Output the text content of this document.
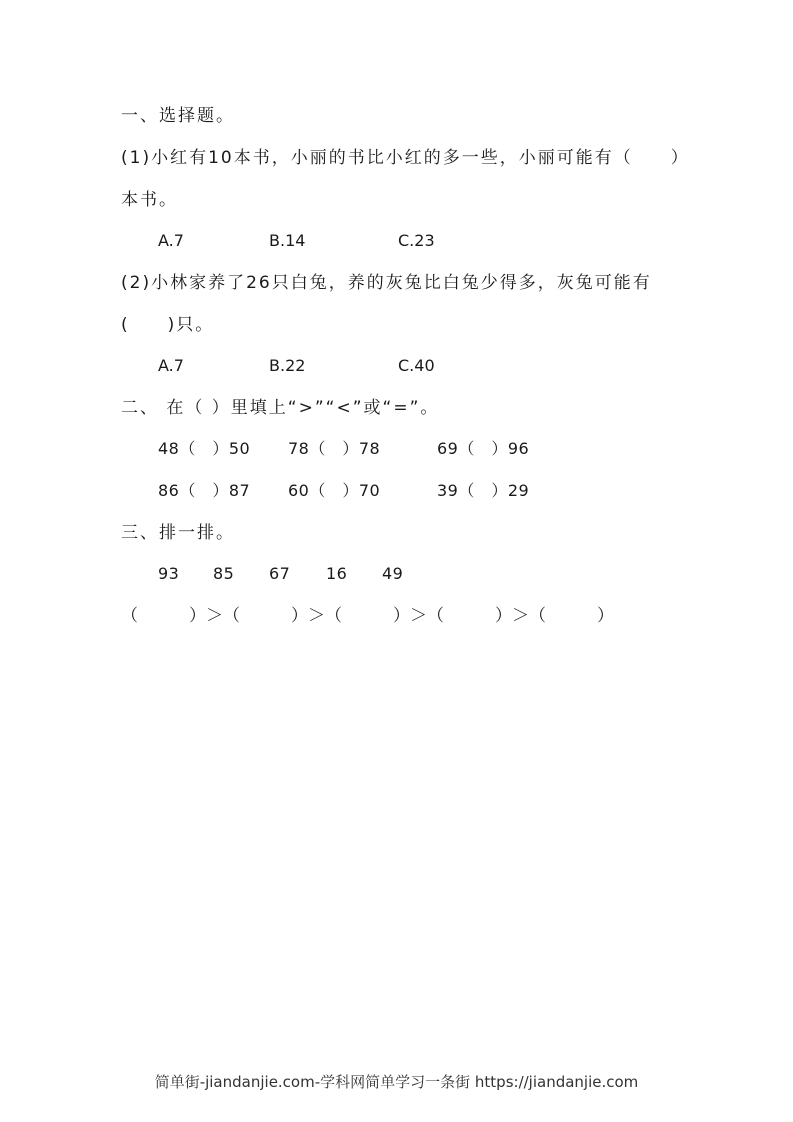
一、选择题。
(1)小红有10本书，小丽的书比小红的多一些，小丽可能有（　　）
本书。
A.7	B.14	C.23
(2)小林家养了26只白兔，养的灰兔比白兔少得多，灰兔可能有
(　　)只。
A.7	B.22	C.40
二、 在（ ）里填上“>”“<”或“=”。
48（　）50 78（　）78	69（　）96
86（　）87 60（　）70	39（　）29
三、排一排。
93 85 67 16 49
（　　　）＞（　　　）＞（　　　）＞（　　　）＞（　　　）
简单街-jiandanjie.com-学科网简单学习一条街 https://jiandanjie.com
